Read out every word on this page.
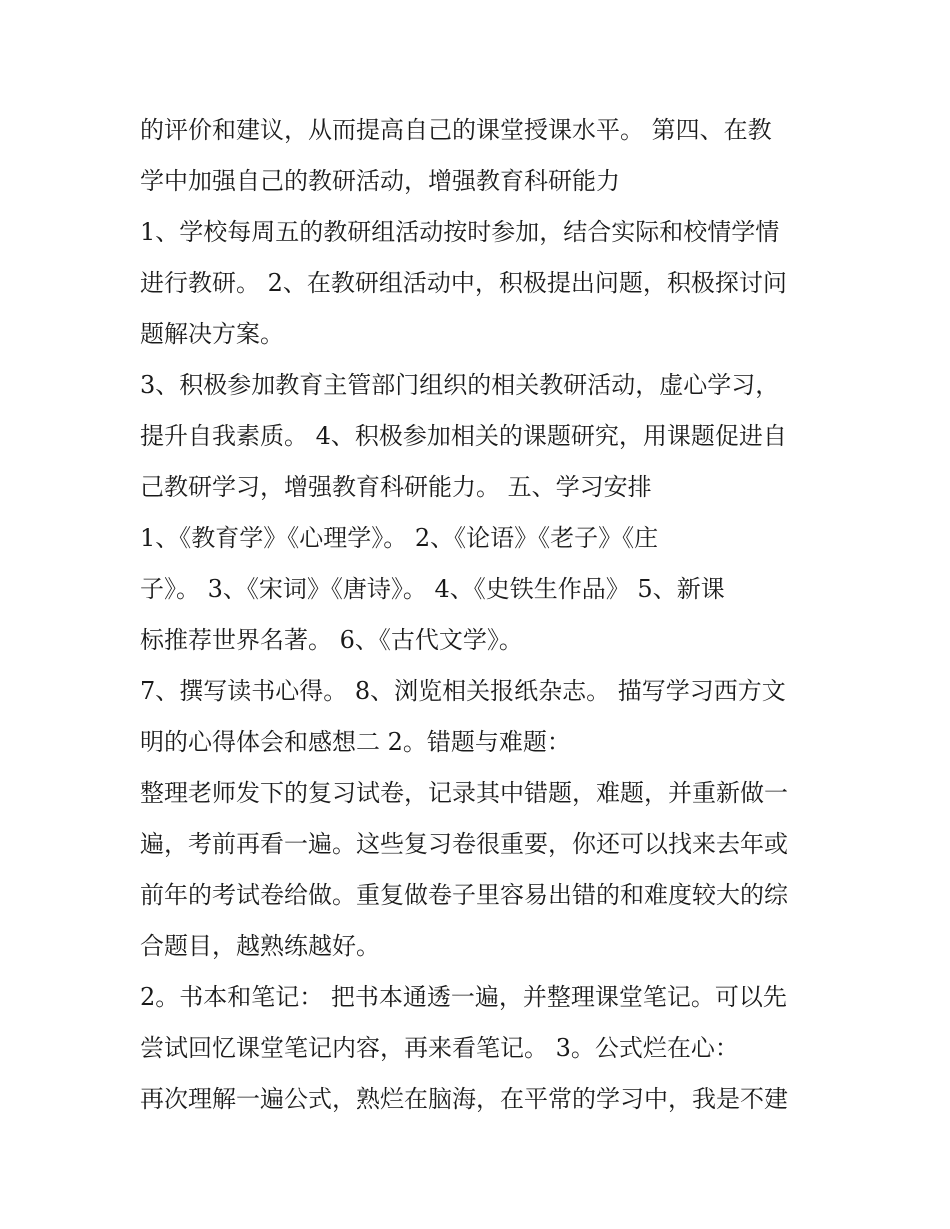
的评价和建议，从而提高自己的课堂授课水平。 第四、在教
学中加强自己的教研活动，增强教育科研能力
1、学校每周五的教研组活动按时参加，结合实际和校情学情
进行教研。 2、在教研组活动中，积极提出问题，积极探讨问
题解决方案。
3、积极参加教育主管部门组织的相关教研活动，虚心学习，
提升自我素质。 4、积极参加相关的课题研究，用课题促进自
己教研学习，增强教育科研能力。 五、学习安排
1、《教育学》《心理学》。 2、《论语》《老子》《庄
子》。 3、《宋词》《唐诗》。 4、《史铁生作品》 5、新课
标推荐世界名著。 6、《古代文学》。
7、撰写读书心得。 8、浏览相关报纸杂志。 描写学习西方文
明的心得体会和感想二 2。错题与难题：
整理老师发下的复习试卷，记录其中错题，难题，并重新做一
遍，考前再看一遍。这些复习卷很重要，你还可以找来去年或
前年的考试卷给做。重复做卷子里容易出错的和难度较大的综
合题目，越熟练越好。
2。书本和笔记： 把书本通透一遍，并整理课堂笔记。可以先
尝试回忆课堂笔记内容，再来看笔记。 3。公式烂在心：
再次理解一遍公式，熟烂在脑海，在平常的学习中，我是不建
